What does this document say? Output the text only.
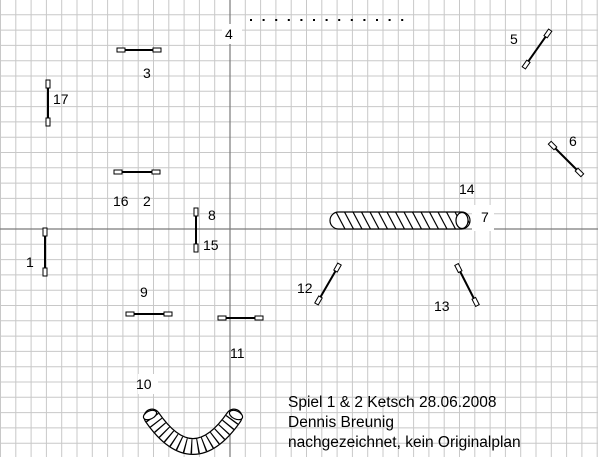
1
2
3
4	5
6
7
8
9
10
11
12
13
14
15
16
17
Spiel 1 & 2 Ketsch 28.06.2008
Dennis Breunig
nachgezeichnet, kein Originalplan
